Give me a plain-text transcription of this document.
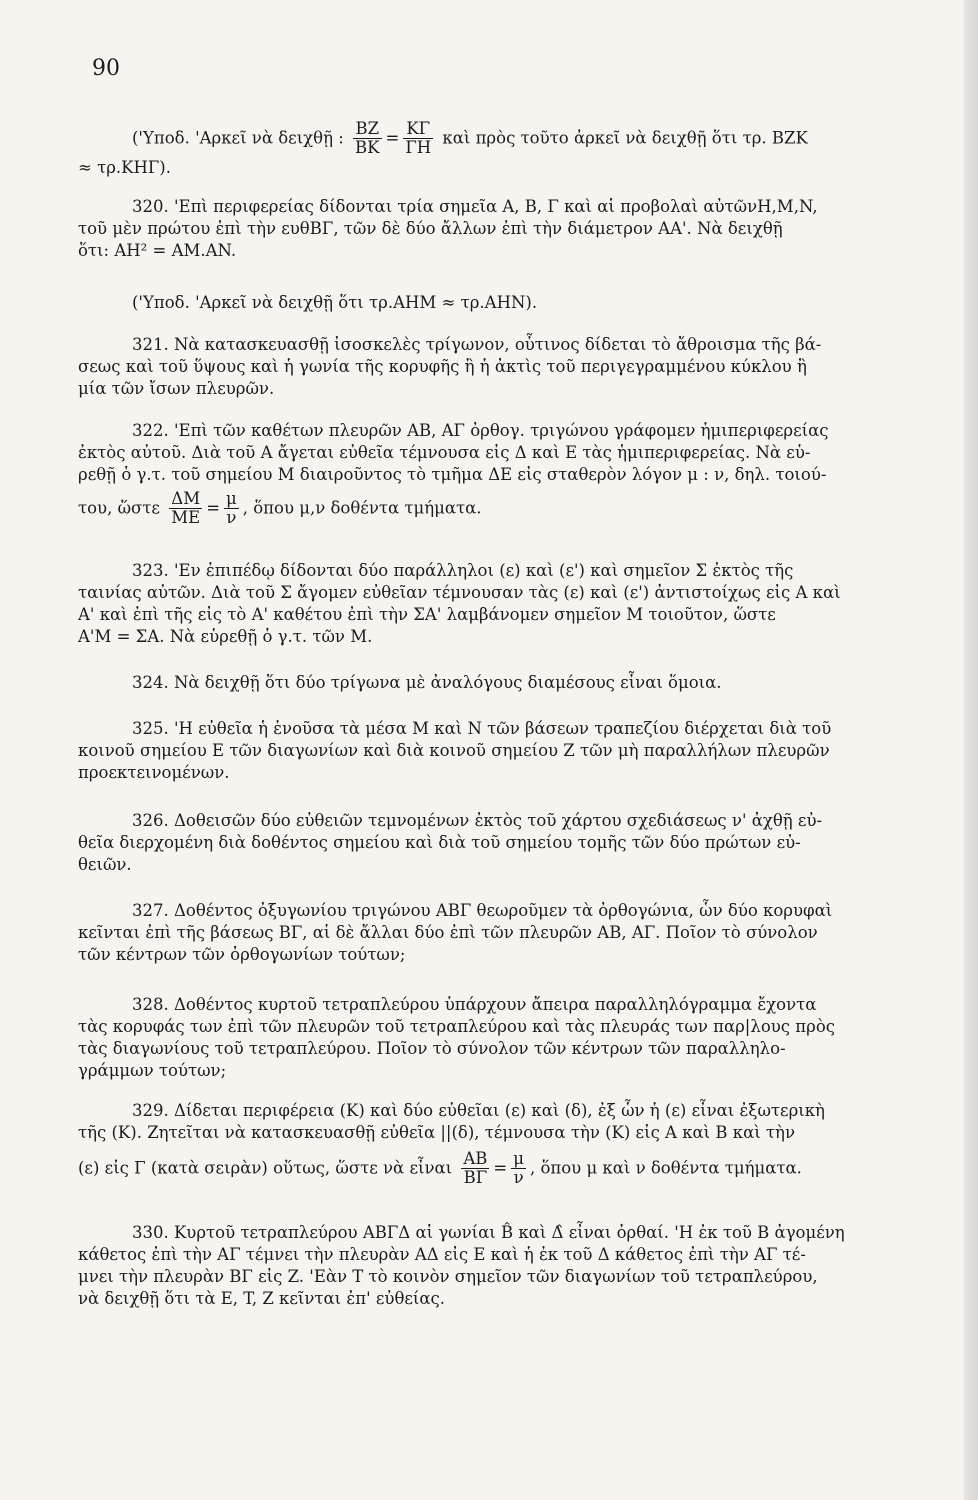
90
('Υποδ. 'Αρκεῖ νὰ δειχθῇ : $\frac{BZ}{BK} = \frac{K\Gamma}{\Gamma H}$ καὶ πρὸς τοῦτο ἀρκεῖ νὰ δειχθῇ ὅτι τρ. BZK
≈ τρ.KHΓ).
320. 'Επὶ περιφερείας δίδονται τρία σημεῖα A, B, Γ καὶ αἱ προβολαὶ αὐτῶνH,M,N,
τοῦ μὲν πρώτου ἐπὶ τὴν ευθΒΓ, τῶν δὲ δύο ἄλλων ἐπὶ τὴν διάμετρον AA'. Νὰ δειχθῇ
ὅτι: AH² = AM.AN.
('Υποδ. 'Αρκεῖ νὰ δειχθῇ ὅτι τρ.AHM ≈ τρ.AHN).
321. Νὰ κατασκευασθῇ ἰσοσκελὲς τρίγωνον, οὗτινος δίδεται τὸ ἄθροισμα τῆς βά-
σεως καὶ τοῦ ὕψους καὶ ἡ γωνία τῆς κορυφῆς ἢ ἡ ἀκτὶς τοῦ περιγεγραμμένου κύκλου ἢ
μία τῶν ἴσων πλευρῶν.
322. 'Επὶ τῶν καθέτων πλευρῶν AB, AΓ ὀρθογ. τριγώνου γράφομεν ἡμιπεριφερείας
ἐκτὸς αὐτοῦ. Διὰ τοῦ A ἄγεται εὐθεῖα τέμνουσα εἰς Δ καὶ E τὰς ἡμιπεριφερείας. Νὰ εὑ-
ρεθῇ ὁ γ.τ. τοῦ σημείου M διαιροῦντος τὸ τμῆμα ΔE εἰς σταθερὸν λόγον μ : ν, δηλ. τοιού-
του, ὥστε $\frac{\Delta M}{ME} = \frac{\mu}{\nu}$ , ὅπου μ,ν δοθέντα τμήματα.
323. 'Εν ἐπιπέδῳ δίδονται δύο παράλληλοι (ε) καὶ (ε') καὶ σημεῖον Σ ἐκτὸς τῆς
ταινίας αὐτῶν. Διὰ τοῦ Σ ἄγομεν εὐθεῖαν τέμνουσαν τὰς (ε) καὶ (ε') ἀντιστοίχως εἰς A καὶ
A' καὶ ἐπὶ τῆς εἰς τὸ A' καθέτου ἐπὶ τὴν ΣA' λαμβάνομεν σημεῖον M τοιοῦτον, ὥστε
A'M = ΣA. Νὰ εὑρεθῇ ὁ γ.τ. τῶν M.
324. Νὰ δειχθῇ ὅτι δύο τρίγωνα μὲ ἀναλόγους διαμέσους εἶναι ὅμοια.
325. 'H εὐθεῖα ἡ ἑνοῦσα τὰ μέσα M καὶ N τῶν βάσεων τραπεζίου διέρχεται διὰ τοῦ
κοινοῦ σημείου E τῶν διαγωνίων καὶ διὰ κοινοῦ σημείου Z τῶν μὴ παραλλήλων πλευρῶν
προεκτεινομένων.
326. Δοθεισῶν δύο εὐθειῶν τεμνομένων ἐκτὸς τοῦ χάρτου σχεδιάσεως ν' ἀχθῇ εὐ-
θεῖα διερχομένη διὰ δοθέντος σημείου καὶ διὰ τοῦ σημείου τομῆς τῶν δύο πρώτων εὐ-
θειῶν.
327. Δοθέντος ὀξυγωνίου τριγώνου ABΓ θεωροῦμεν τὰ ὀρθογώνια, ὧν δύο κορυφαὶ
κεῖνται ἐπὶ τῆς βάσεως BΓ, αἱ δὲ ἄλλαι δύο ἐπὶ τῶν πλευρῶν AB, AΓ. Ποῖον τὸ σύνολον
τῶν κέντρων τῶν ὀρθογωνίων τούτων;
328. Δοθέντος κυρτοῦ τετραπλεύρου ὑπάρχουν ἄπειρα παραλληλόγραμμα ἔχοντα
τὰς κορυφάς των ἐπὶ τῶν πλευρῶν τοῦ τετραπλεύρου καὶ τὰς πλευράς των παρ|λους πρὸς
τὰς διαγωνίους τοῦ τετραπλεύρου. Ποῖον τὸ σύνολον τῶν κέντρων τῶν παραλληλο-
γράμμων τούτων;
329. Δίδεται περιφέρεια (K) καὶ δύο εὐθεῖαι (ε) καὶ (δ), ἐξ ὧν ἡ (ε) εἶναι ἐξωτερικὴ
τῆς (K). Ζητεῖται νὰ κατασκευασθῇ εὐθεῖα ||(δ), τέμνουσα τὴν (K) εἰς A καὶ B καὶ τὴν
(ε) εἰς Γ (κατὰ σειρὰν) οὕτως, ὥστε νὰ εἶναι $\frac{AB}{B\Gamma} = \frac{\mu}{\nu}$ , ὅπου μ καὶ ν δοθέντα τμήματα.
330. Κυρτοῦ τετραπλεύρου ABΓΔ αἱ γωνίαι B̂ καὶ Δ̂ εἶναι ὀρθαί. 'H ἐκ τοῦ B ἀγομένη
κάθετος ἐπὶ τὴν AΓ τέμνει τὴν πλευρὰν AΔ εἰς E καὶ ἡ ἐκ τοῦ Δ κάθετος ἐπὶ τὴν AΓ τέ-
μνει τὴν πλευρὰν BΓ εἰς Z. 'Εὰν T τὸ κοινὸν σημεῖον τῶν διαγωνίων τοῦ τετραπλεύρου,
νὰ δειχθῇ ὅτι τὰ E, T, Z κεῖνται ἐπ' εὐθείας.
